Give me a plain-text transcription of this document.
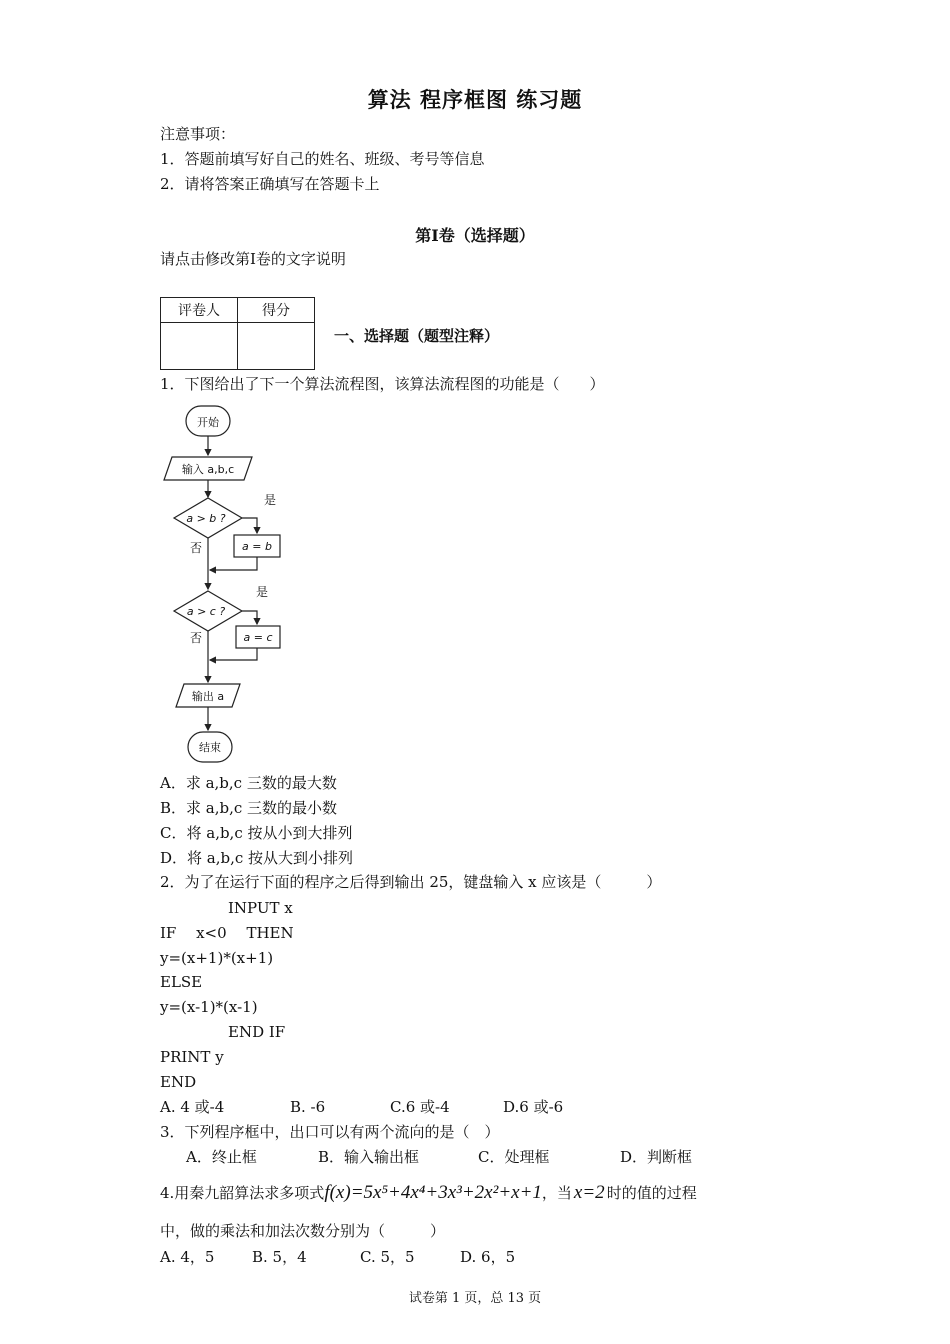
算法 程序框图 练习题
注意事项：
1．答题前填写好自己的姓名、班级、考号等信息
2．请将答案正确填写在答题卡上
第Ⅰ卷（选择题）
请点击修改第Ⅰ卷的文字说明
评卷人	得分

一、选择题（题型注释）
1．下图给出了下一个算法流程图，该算法流程图的功能是（　　）
开始
输入 a,b,c
a > b ?
是
否	a = b
a > c ?
是
否	a = c
输出 a
结束
A．求 a,b,c 三数的最大数
B．求 a,b,c 三数的最小数
C．将 a,b,c 按从小到大排列
D．将 a,b,c 按从大到小排列
2．为了在运行下面的程序之后得到输出 25，键盘输入 x 应该是（　　　）
INPUT x
IF　 x<0　 THEN
y=(x+1)*(x+1)
ELSE
y=(x-1)*(x-1)
END IF
PRINT y
END
A. 4 或-4	B. -6	C.6 或-4	D.6 或-6
3．下列程序框中，出口可以有两个流向的是（　）
A．终止框	B．输入输出框	C．处理框	D．判断框
4.用秦九韶算法求多项式 f(x)=5x⁵+4x⁴+3x³+2x²+x+1 ，当 x=2 时的值的过程
中，做的乘法和加法次数分别为（　　　）
A. 4，5	B. 5，4	C. 5，5	D. 6，5
试卷第 1 页，总 13 页
